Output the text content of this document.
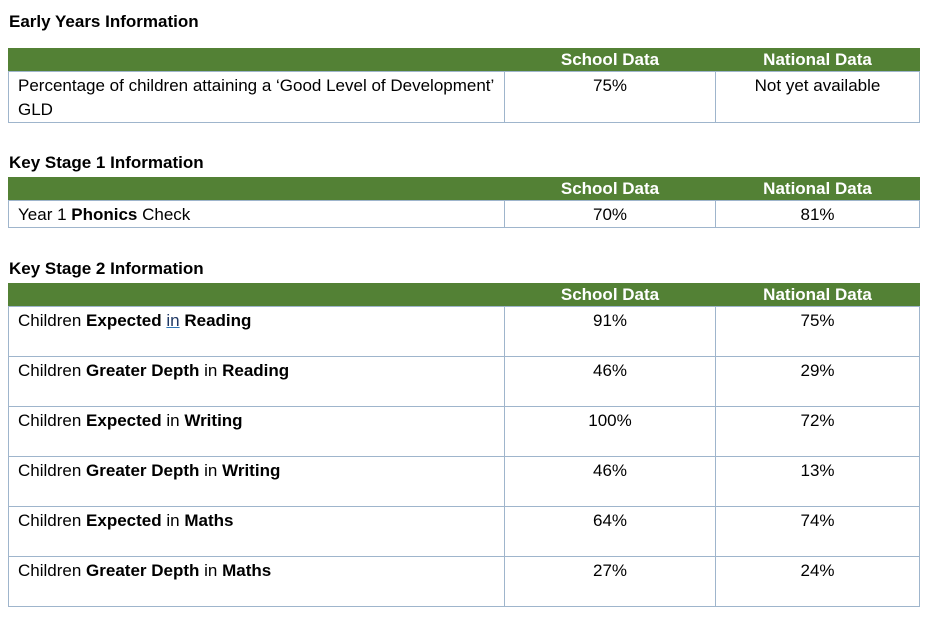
Early Years Information
	School Data	National Data
Percentage of children attaining a ‘Good Level of Development’ GLD	75%	Not yet available
Key Stage 1 Information
	School Data	National Data
Year 1 Phonics Check	70%	81%
Key Stage 2 Information
	School Data	National Data
Children Expected in Reading	91%	75%
Children Greater Depth in Reading	46%	29%
Children Expected in Writing	100%	72%
Children Greater Depth in Writing	46%	13%
Children Expected in Maths	64%	74%
Children Greater Depth in Maths	27%	24%
